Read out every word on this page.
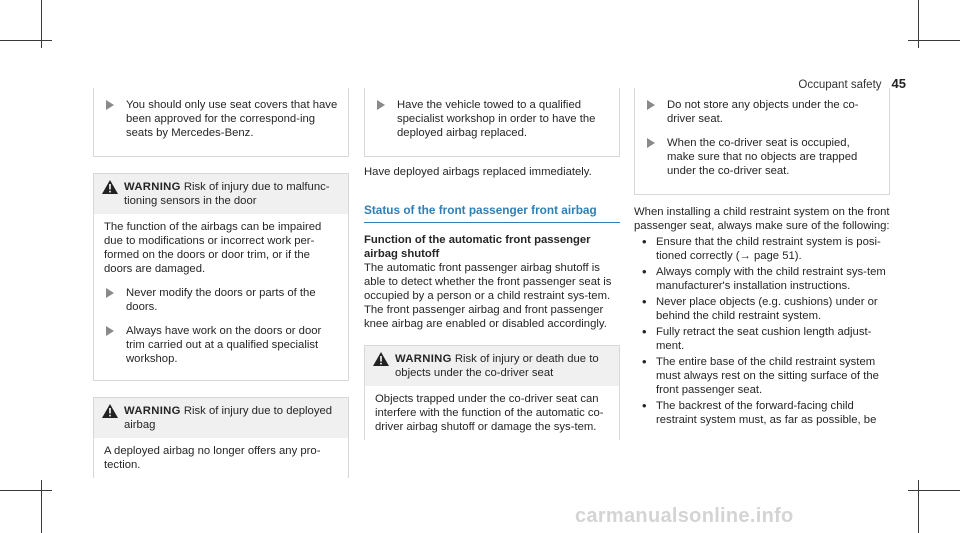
Occupant safety 45
You should only use seat covers that have been approved for the correspond-ing seats by Mercedes-Benz.
WARNING Risk of injury due to malfunc-tioning sensors in the door

The function of the airbags can be impaired due to modifications or incorrect work per-formed on the doors or door trim, or if the doors are damaged.

Never modify the doors or parts of the doors.
Always have work on the doors or door trim carried out at a qualified specialist workshop.
WARNING Risk of injury due to deployed airbag

A deployed airbag no longer offers any pro-tection.

Have the vehicle towed to a qualified specialist workshop in order to have the deployed airbag replaced.

Have deployed airbags replaced immediately.

Status of the front passenger front airbag

Function of the automatic front passenger airbag shutoff

The automatic front passenger airbag shutoff is able to detect whether the front passenger seat is occupied by a person or a child restraint sys-tem. The front passenger airbag and front passenger knee airbag are enabled or disabled accordingly.

WARNING Risk of injury or death due to objects under the co-driver seat

Objects trapped under the co-driver seat can interfere with the function of the automatic co-driver airbag shutoff or damage the sys-tem.

Do not store any objects under the co-driver seat.
When the co-driver seat is occupied, make sure that no objects are trapped under the co-driver seat.

When installing a child restraint system on the front passenger seat, always make sure of the following:

• Ensure that the child restraint system is posi-tioned correctly (→ page 51).
• Always comply with the child restraint sys-tem manufacturer's installation instructions.
• Never place objects (e.g. cushions) under or behind the child restraint system.
• Fully retract the seat cushion length adjust-ment.
• The entire base of the child restraint system must always rest on the sitting surface of the front passenger seat.
• The backrest of the forward-facing child restraint system must, as far as possible, be
carmanualsonline.info
